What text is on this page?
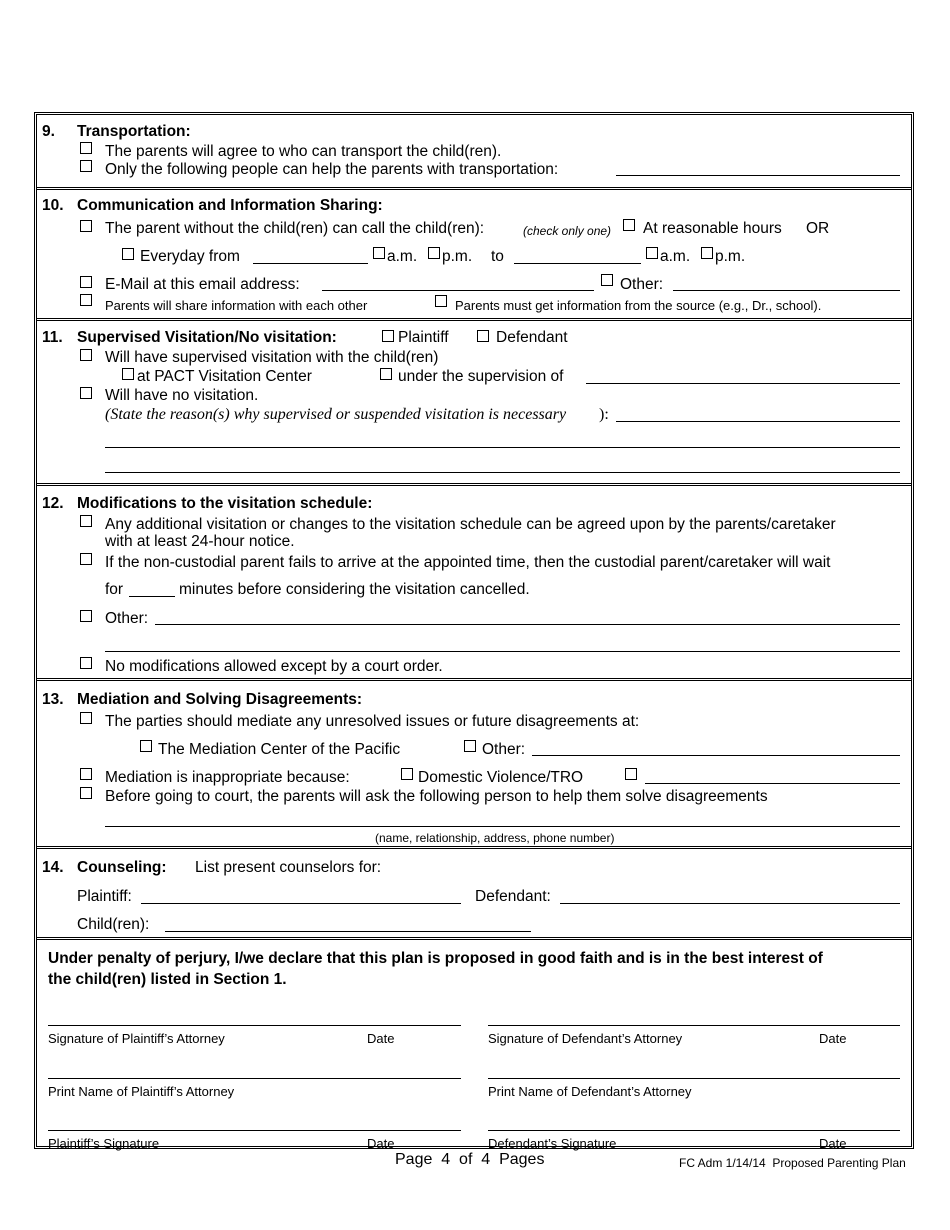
9. Transportation:
The parents will agree to who can transport the child(ren).
Only the following people can help the parents with transportation:
10. Communication and Information Sharing:
The parent without the child(ren) can call the child(ren):	(check only one) At reasonable hours OR
Everyday from	a.m. p.m. to	a.m. p.m.
E-Mail at this email address:	Other:
Parents will share information with each other	Parents must get information from the source (e.g., Dr., school).
11. Supervised Visitation/No visitation:	Plaintiff	Defendant
Will have supervised visitation with the child(ren)
at PACT Visitation Center	under the supervision of
Will have no visitation.
(State the reason(s) why supervised or suspended visitation is necessary ):
12. Modifications to the visitation schedule:
Any additional visitation or changes to the visitation schedule can be agreed upon by the parents/caretaker
with at least 24-hour notice.
If the non-custodial parent fails to arrive at the appointed time, then the custodial parent/caretaker will wait
for	minutes before considering the visitation cancelled.
Other:
No modifications allowed except by a court order.
13. Mediation and Solving Disagreements:
The parties should mediate any unresolved issues or future disagreements at:
The Mediation Center of the Pacific	Other:
Mediation is inappropriate because:	Domestic Violence/TRO
Before going to court, the parents will ask the following person to help them solve disagreements
(name, relationship, address, phone number)
14. Counseling: List present counselors for:
Plaintiff:	Defendant:
Child(ren):
Under penalty of perjury, I/we declare that this plan is proposed in good faith and is in the best interest of
the child(ren) listed in Section 1.
Signature of Plaintiff’s Attorney	Date	Signature of Defendant’s Attorney	Date
Print Name of Plaintiff’s Attorney	Print Name of Defendant’s Attorney
Plaintiff’s Signature	Date	Defendant’s Signature	Date
Page  4  of  4  Pages	FC Adm 1/14/14  Proposed Parenting Plan
